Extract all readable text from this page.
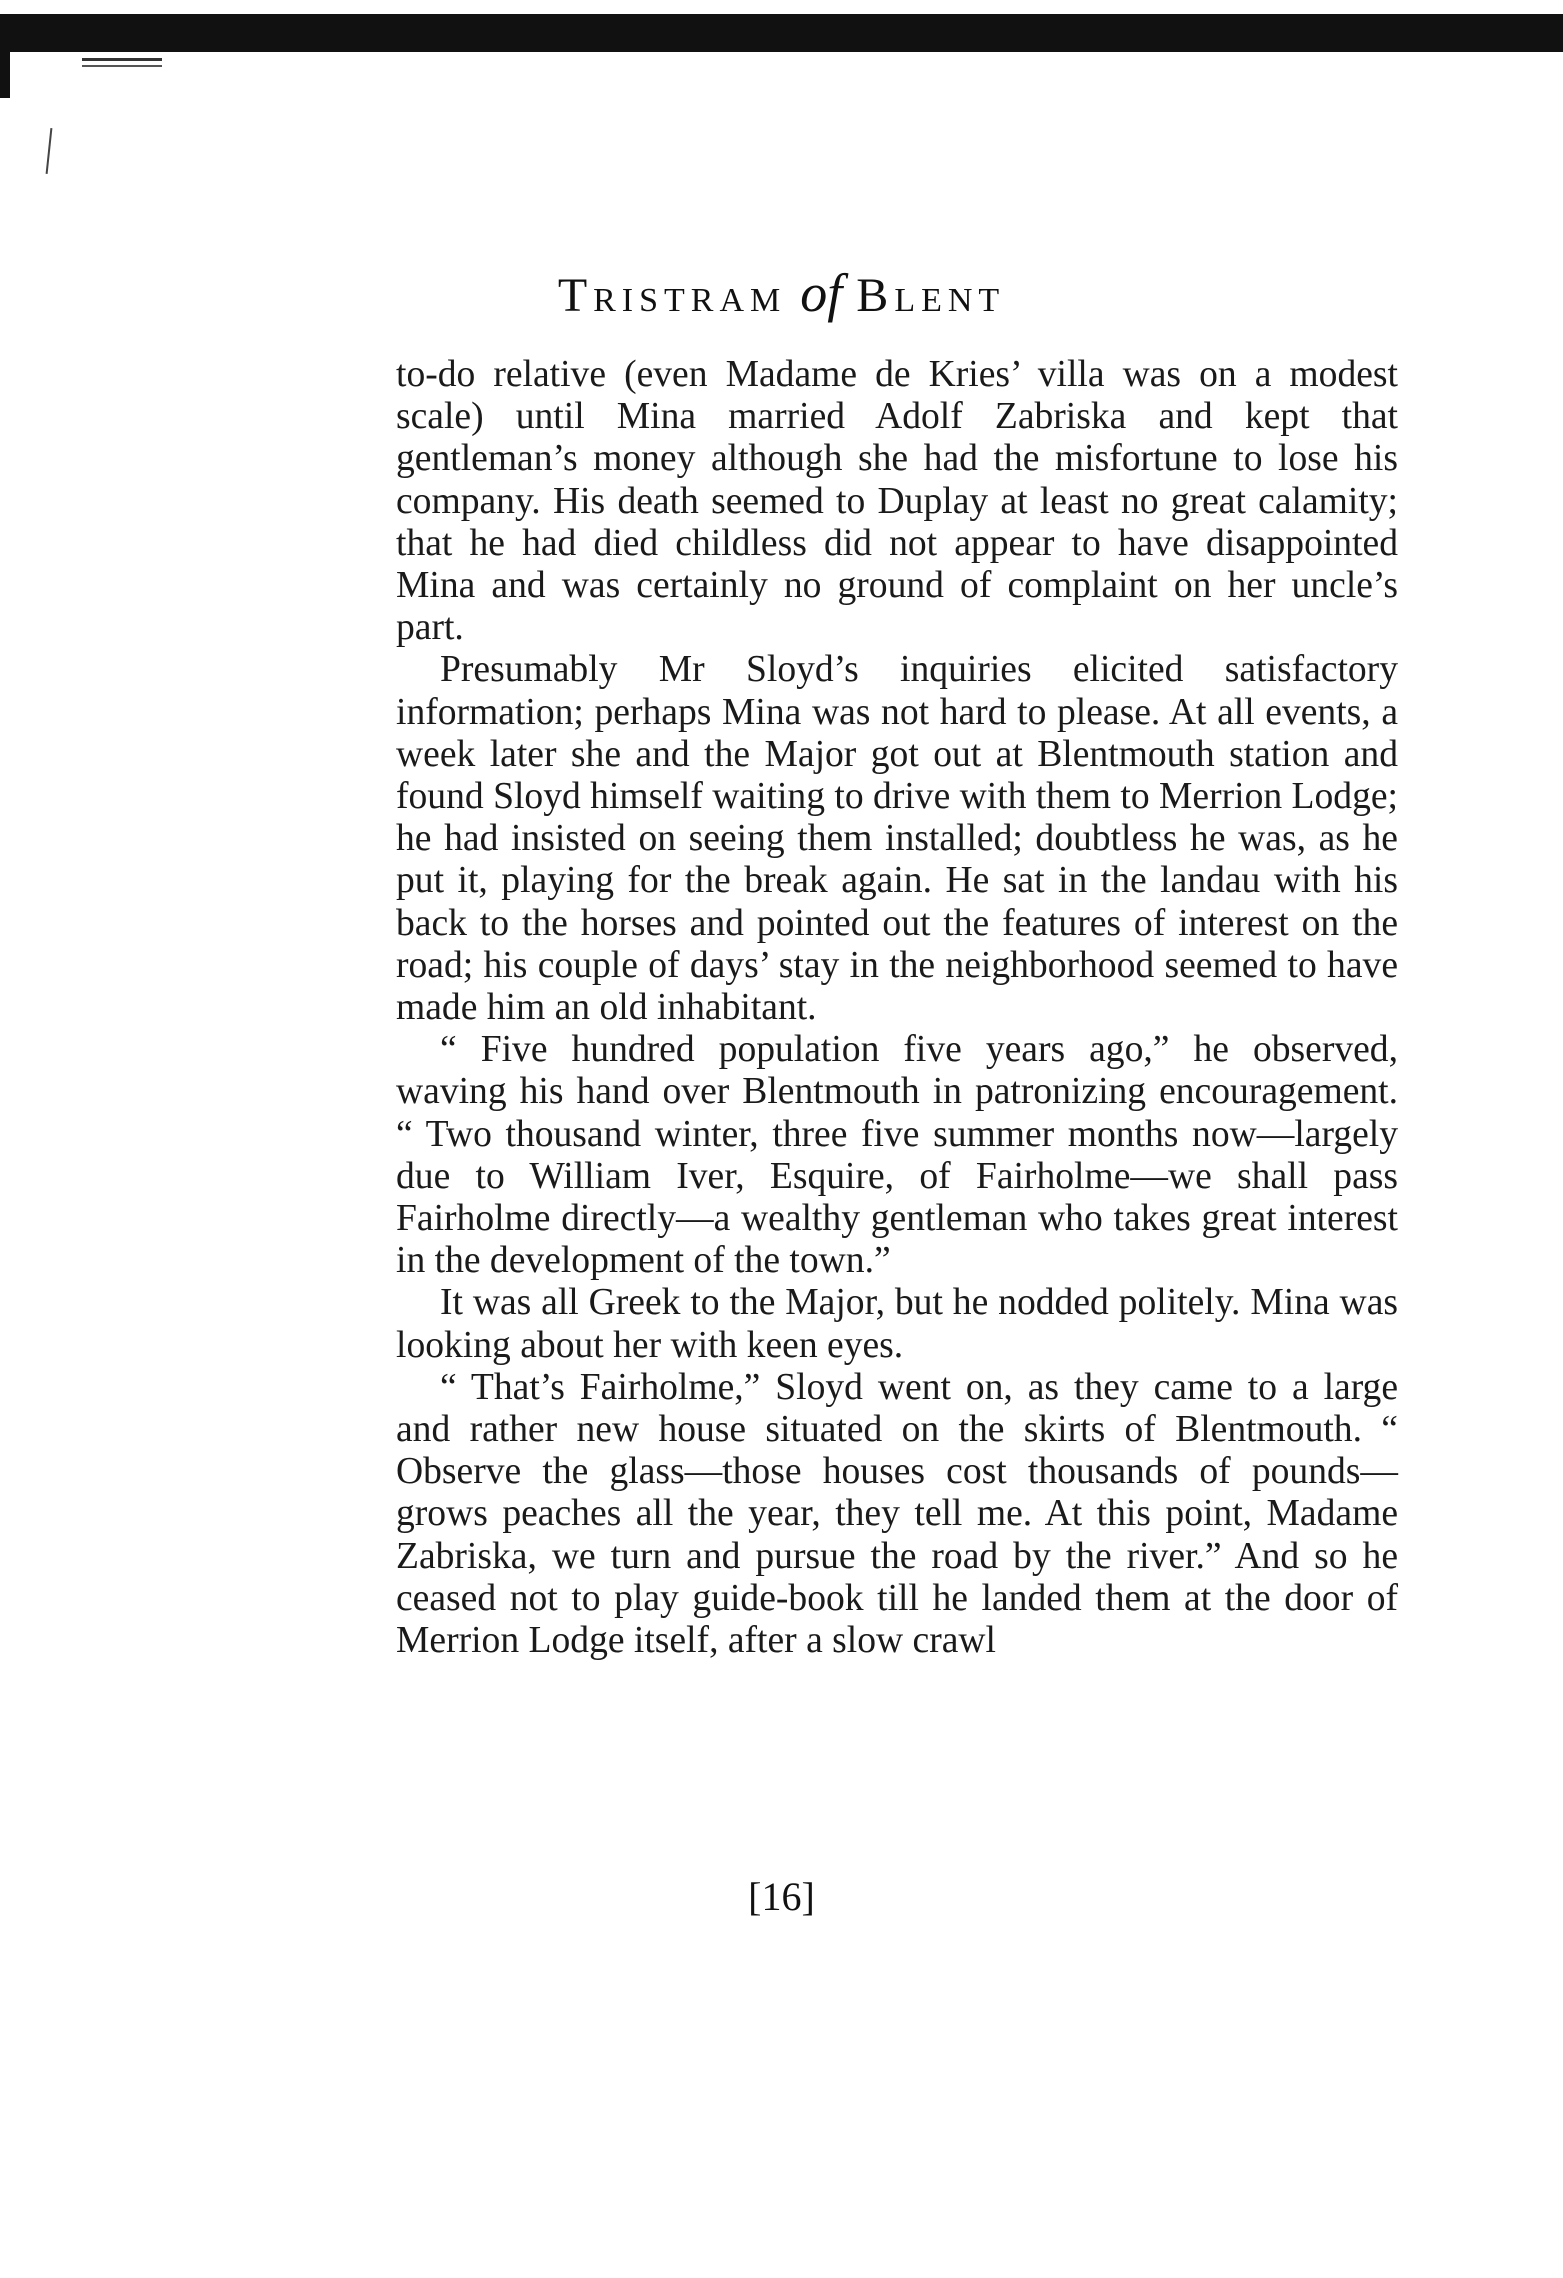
Tristram of Blent

to-do relative (even Madame de Kries’ villa was on a modest scale) until Mina married Adolf Zabriska and kept that gentleman’s money although she had the misfortune to lose his company. His death seemed to Duplay at least no great calamity; that he had died childless did not appear to have disappointed Mina and was certainly no ground of complaint on her uncle’s part.

Presumably Mr Sloyd’s inquiries elicited satisfactory information; perhaps Mina was not hard to please. At all events, a week later she and the Major got out at Blentmouth station and found Sloyd himself waiting to drive with them to Merrion Lodge; he had insisted on seeing them installed; doubtless he was, as he put it, playing for the break again. He sat in the landau with his back to the horses and pointed out the features of interest on the road; his couple of days’ stay in the neighborhood seemed to have made him an old inhabitant.

“ Five hundred population five years ago,” he observed, waving his hand over Blentmouth in patronizing encouragement. “ Two thousand winter, three five summer months now—largely due to William Iver, Esquire, of Fairholme—we shall pass Fairholme directly—a wealthy gentleman who takes great interest in the development of the town.”

It was all Greek to the Major, but he nodded politely. Mina was looking about her with keen eyes.

“ That’s Fairholme,” Sloyd went on, as they came to a large and rather new house situated on the skirts of Blentmouth. “ Observe the glass—those houses cost thousands of pounds—grows peaches all the year, they tell me. At this point, Madame Zabriska, we turn and pursue the road by the river.” And so he ceased not to play guide-book till he landed them at the door of Merrion Lodge itself, after a slow crawl

[16]
